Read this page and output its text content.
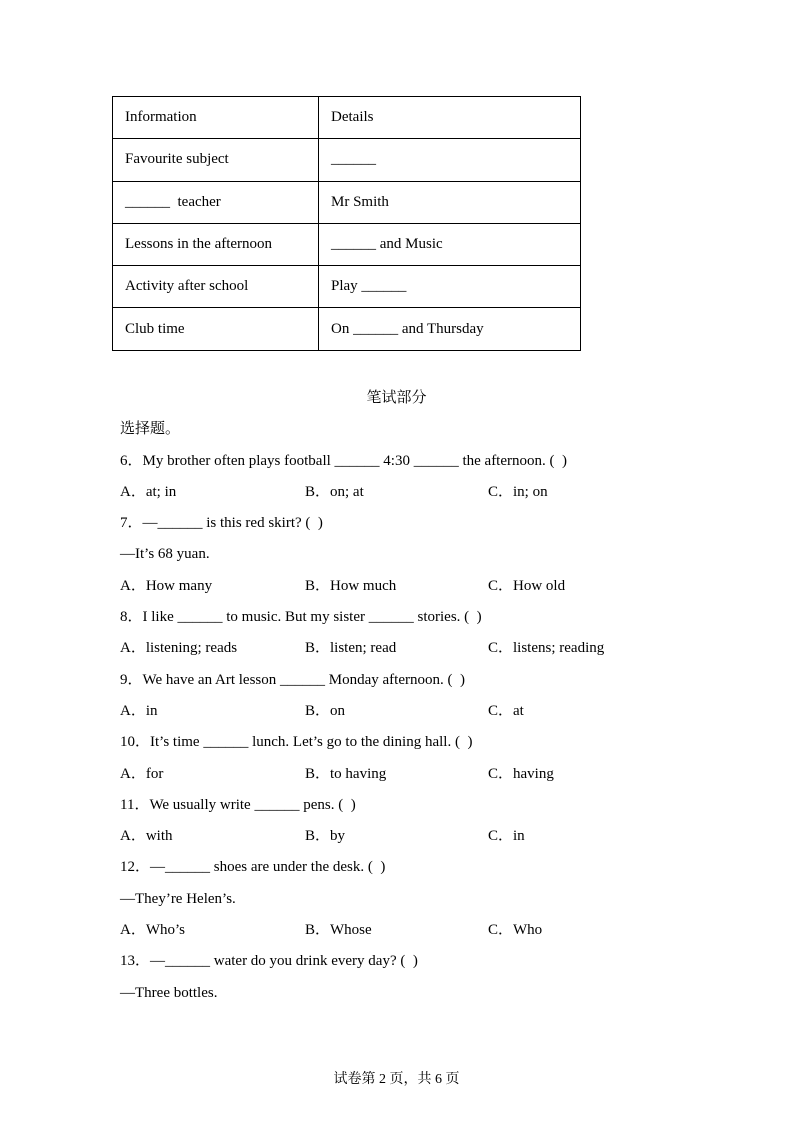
Information	Details
Favourite subject	______
______  teacher	Mr Smith
Lessons in the afternoon	______ and Music
Activity after school	Play ______
Club time	On ______ and Thursday
笔试部分
选择题。
6．My brother often plays football ______ 4:30 ______ the afternoon. (  )
A．at; in	B．on; at	C．in; on
7．—______ is this red skirt? (  )
—It’s 68 yuan.
A．How many	B．How much	C．How old
8．I like ______ to music. But my sister ______ stories. (  )
A．listening; reads	B．listen; read	C．listens; reading
9．We have an Art lesson ______ Monday afternoon. (  )
A．in	B．on	C．at
10．It’s time ______ lunch. Let’s go to the dining hall. (  )
A．for	B．to having	C．having
11．We usually write ______ pens. (  )
A．with	B．by	C．in
12．—______ shoes are under the desk. (  )
—They’re Helen’s.
A．Who’s	B．Whose	C．Who
13．—______ water do you drink every day? (  )
—Three bottles.
试卷第 2 页，共 6 页
